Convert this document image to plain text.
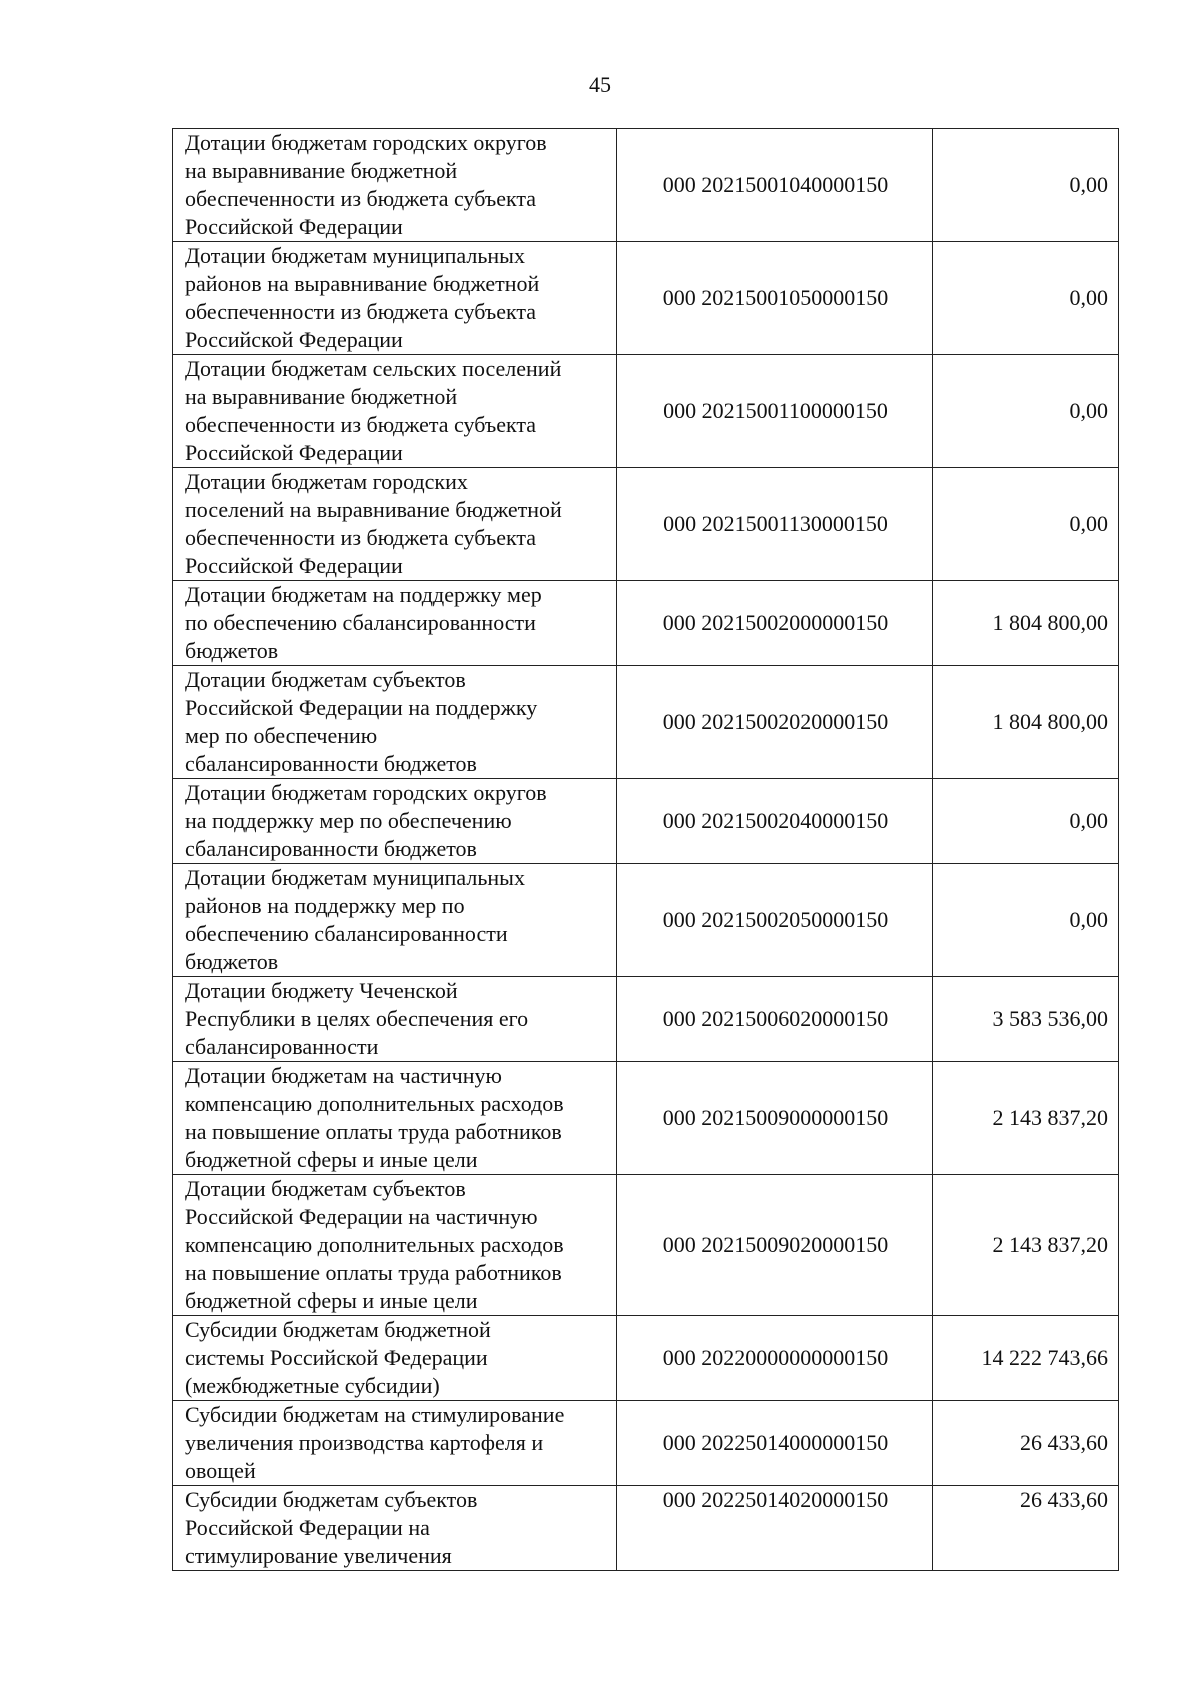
45
Дотации бюджетам городских округов
на выравнивание бюджетной
обеспеченности из бюджета субъекта
Российской Федерации	000 20215001040000150	0,00

Дотации бюджетам муниципальных
районов на выравнивание бюджетной
обеспеченности из бюджета субъекта
Российской Федерации	000 20215001050000150	0,00

Дотации бюджетам сельских поселений
на выравнивание бюджетной
обеспеченности из бюджета субъекта
Российской Федерации	000 20215001100000150	0,00

Дотации бюджетам городских
поселений на выравнивание бюджетной
обеспеченности из бюджета субъекта
Российской Федерации	000 20215001130000150	0,00

Дотации бюджетам на поддержку мер
по обеспечению сбалансированности
бюджетов	000 20215002000000150	1 804 800,00

Дотации бюджетам субъектов
Российской Федерации на поддержку
мер по обеспечению
сбалансированности бюджетов	000 20215002020000150	1 804 800,00

Дотации бюджетам городских округов
на поддержку мер по обеспечению
сбалансированности бюджетов	000 20215002040000150	0,00

Дотации бюджетам муниципальных
районов на поддержку мер по
обеспечению сбалансированности
бюджетов	000 20215002050000150	0,00

Дотации бюджету Чеченской
Республики в целях обеспечения его
сбалансированности	000 20215006020000150	3 583 536,00

Дотации бюджетам на частичную
компенсацию дополнительных расходов
на повышение оплаты труда работников
бюджетной сферы и иные цели	000 20215009000000150	2 143 837,20

Дотации бюджетам субъектов
Российской Федерации на частичную
компенсацию дополнительных расходов
на повышение оплаты труда работников
бюджетной сферы и иные цели	000 20215009020000150	2 143 837,20

Субсидии бюджетам бюджетной
системы Российской Федерации
(межбюджетные субсидии)	000 20220000000000150	14 222 743,66

Субсидии бюджетам на стимулирование
увеличения производства картофеля и
овощей	000 20225014000000150	26 433,60

Субсидии бюджетам субъектов
Российской Федерации на
стимулирование увеличения	000 20225014020000150	26 433,60
